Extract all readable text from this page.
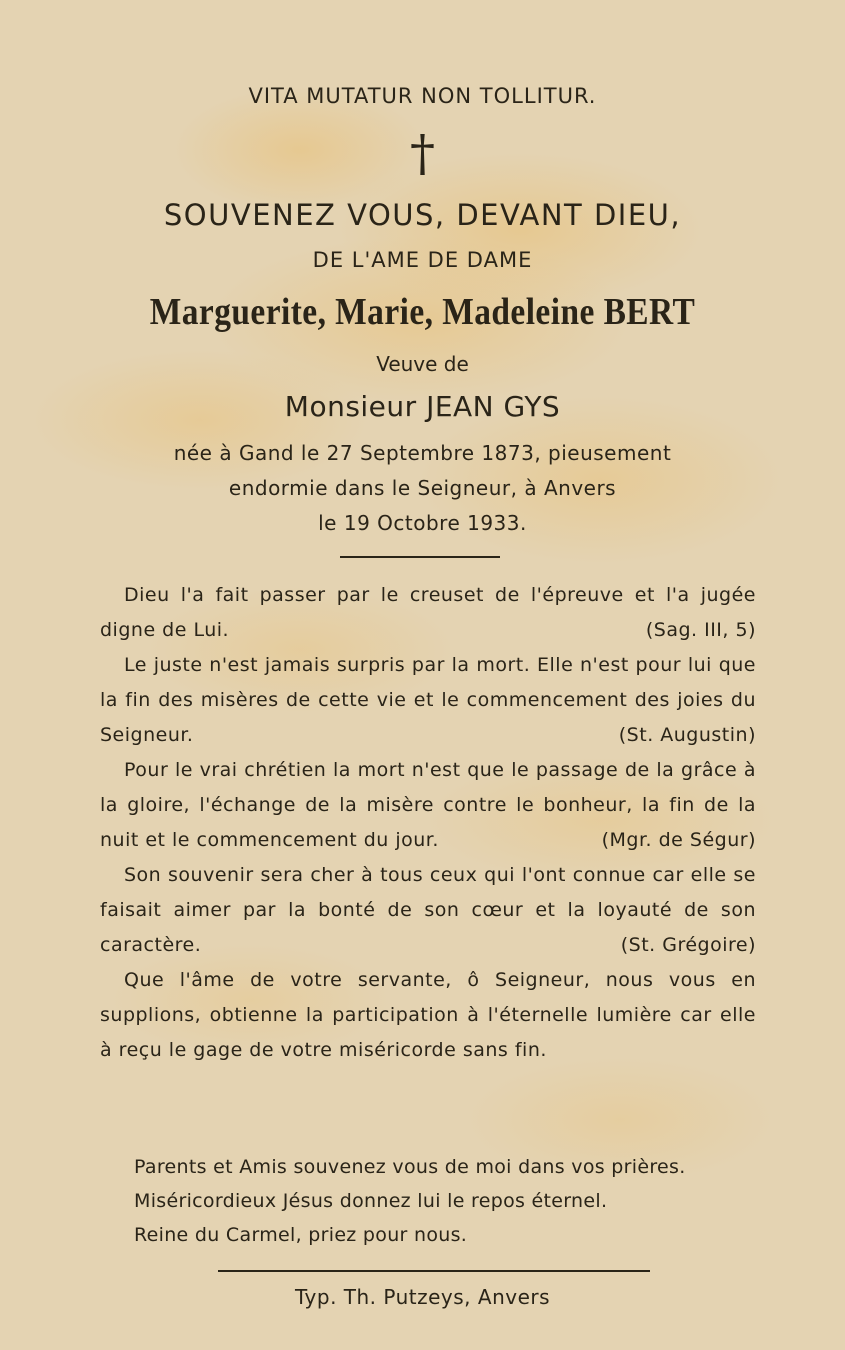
VITA MUTATUR NON TOLLITUR.
†
SOUVENEZ VOUS, DEVANT DIEU,
DE L'AME DE DAME
Marguerite, Marie, Madeleine BERT
Veuve de
Monsieur JEAN GYS
née à Gand le 27 Septembre 1873, pieusement
endormie dans le Seigneur, à Anvers
le 19 Octobre 1933.

Dieu l'a fait passer par le creuset de l'épreuve et l'a jugée digne de Lui.	(Sag. III, 5)

Le juste n'est jamais surpris par la mort. Elle n'est pour lui que la fin des misères de cette vie et le commencement des joies du Seigneur.	(St. Augustin)

Pour le vrai chrétien la mort n'est que le passage de la grâce à la gloire, l'échange de la misère contre le bonheur, la fin de la nuit et le commencement du jour.	(Mgr. de Ségur)

Son souvenir sera cher à tous ceux qui l'ont connue car elle se faisait aimer par la bonté de son cœur et la loyauté de son caractère.	(St. Grégoire)

Que l'âme de votre servante, ô Seigneur, nous vous en supplions, obtienne la participation à l'éternelle lumière car elle à reçu le gage de votre miséricorde sans fin.

Parents et Amis souvenez vous de moi dans vos prières.
Miséricordieux Jésus donnez lui le repos éternel.
Reine du Carmel, priez pour nous.
Typ. Th. Putzeys, Anvers
